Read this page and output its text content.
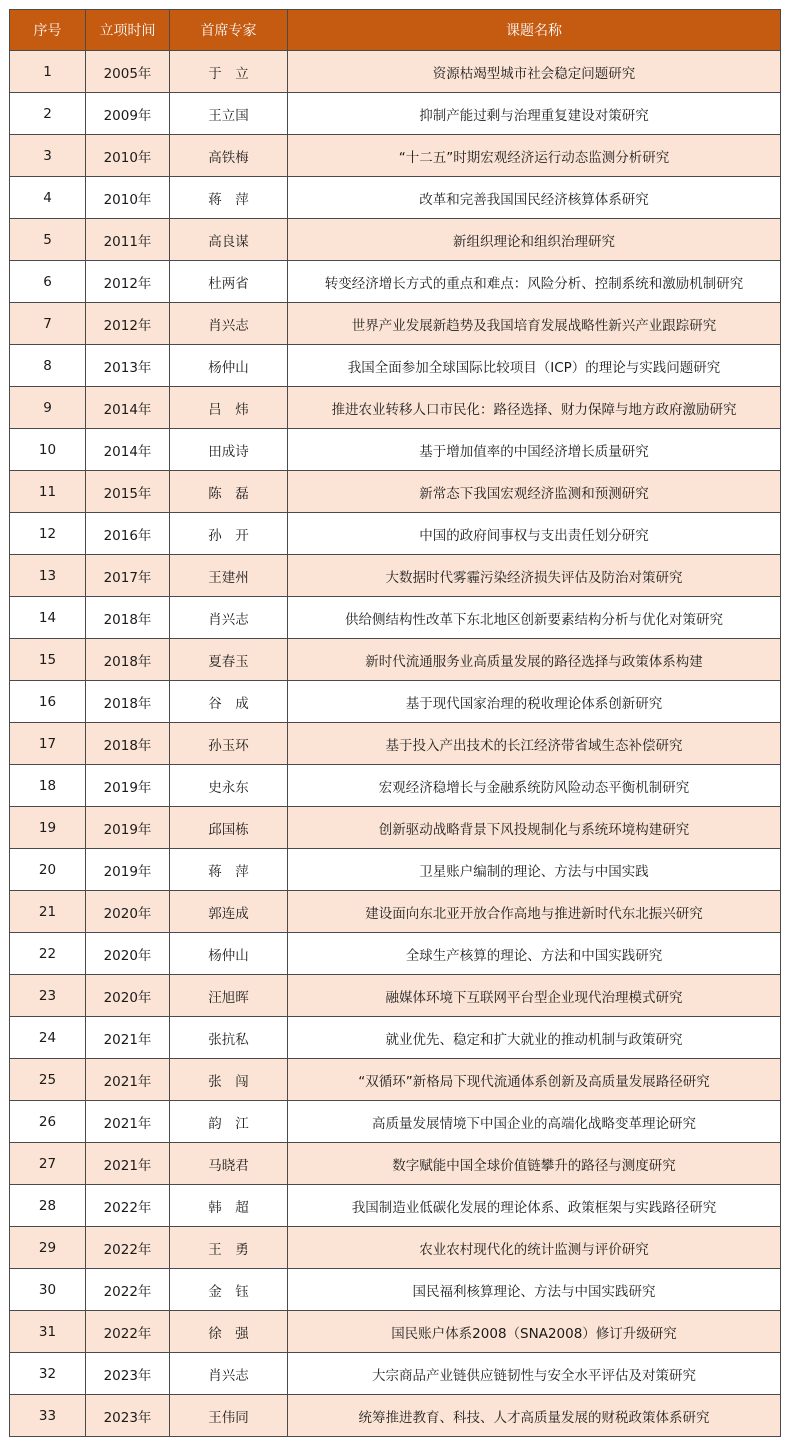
序号	立项时间	首席专家	课题名称
1	2005年	于　立	资源枯竭型城市社会稳定问题研究
2	2009年	王立国	抑制产能过剩与治理重复建设对策研究
3	2010年	高铁梅	“十二五”时期宏观经济运行动态监测分析研究
4	2010年	蒋　萍	改革和完善我国国民经济核算体系研究
5	2011年	高良谋	新组织理论和组织治理研究
6	2012年	杜两省	转变经济增长方式的重点和难点：风险分析、控制系统和激励机制研究
7	2012年	肖兴志	世界产业发展新趋势及我国培育发展战略性新兴产业跟踪研究
8	2013年	杨仲山	我国全面参加全球国际比较项目（ICP）的理论与实践问题研究
9	2014年	吕　炜	推进农业转移人口市民化：路径选择、财力保障与地方政府激励研究
10	2014年	田成诗	基于增加值率的中国经济增长质量研究
11	2015年	陈　磊	新常态下我国宏观经济监测和预测研究
12	2016年	孙　开	中国的政府间事权与支出责任划分研究
13	2017年	王建州	大数据时代雾霾污染经济损失评估及防治对策研究
14	2018年	肖兴志	供给侧结构性改革下东北地区创新要素结构分析与优化对策研究
15	2018年	夏春玉	新时代流通服务业高质量发展的路径选择与政策体系构建
16	2018年	谷　成	基于现代国家治理的税收理论体系创新研究
17	2018年	孙玉环	基于投入产出技术的长江经济带省域生态补偿研究
18	2019年	史永东	宏观经济稳增长与金融系统防风险动态平衡机制研究
19	2019年	邱国栋	创新驱动战略背景下风投规制化与系统环境构建研究
20	2019年	蒋　萍	卫星账户编制的理论、方法与中国实践
21	2020年	郭连成	建设面向东北亚开放合作高地与推进新时代东北振兴研究
22	2020年	杨仲山	全球生产核算的理论、方法和中国实践研究
23	2020年	汪旭晖	融媒体环境下互联网平台型企业现代治理模式研究
24	2021年	张抗私	就业优先、稳定和扩大就业的推动机制与政策研究
25	2021年	张　闯	“双循环”新格局下现代流通体系创新及高质量发展路径研究
26	2021年	韵　江	高质量发展情境下中国企业的高端化战略变革理论研究
27	2021年	马晓君	数字赋能中国全球价值链攀升的路径与测度研究
28	2022年	韩　超	我国制造业低碳化发展的理论体系、政策框架与实践路径研究
29	2022年	王　勇	农业农村现代化的统计监测与评价研究
30	2022年	金　钰	国民福利核算理论、方法与中国实践研究
31	2022年	徐　强	国民账户体系2008（SNA2008）修订升级研究
32	2023年	肖兴志	大宗商品产业链供应链韧性与安全水平评估及对策研究
33	2023年	王伟同	统筹推进教育、科技、人才高质量发展的财税政策体系研究
